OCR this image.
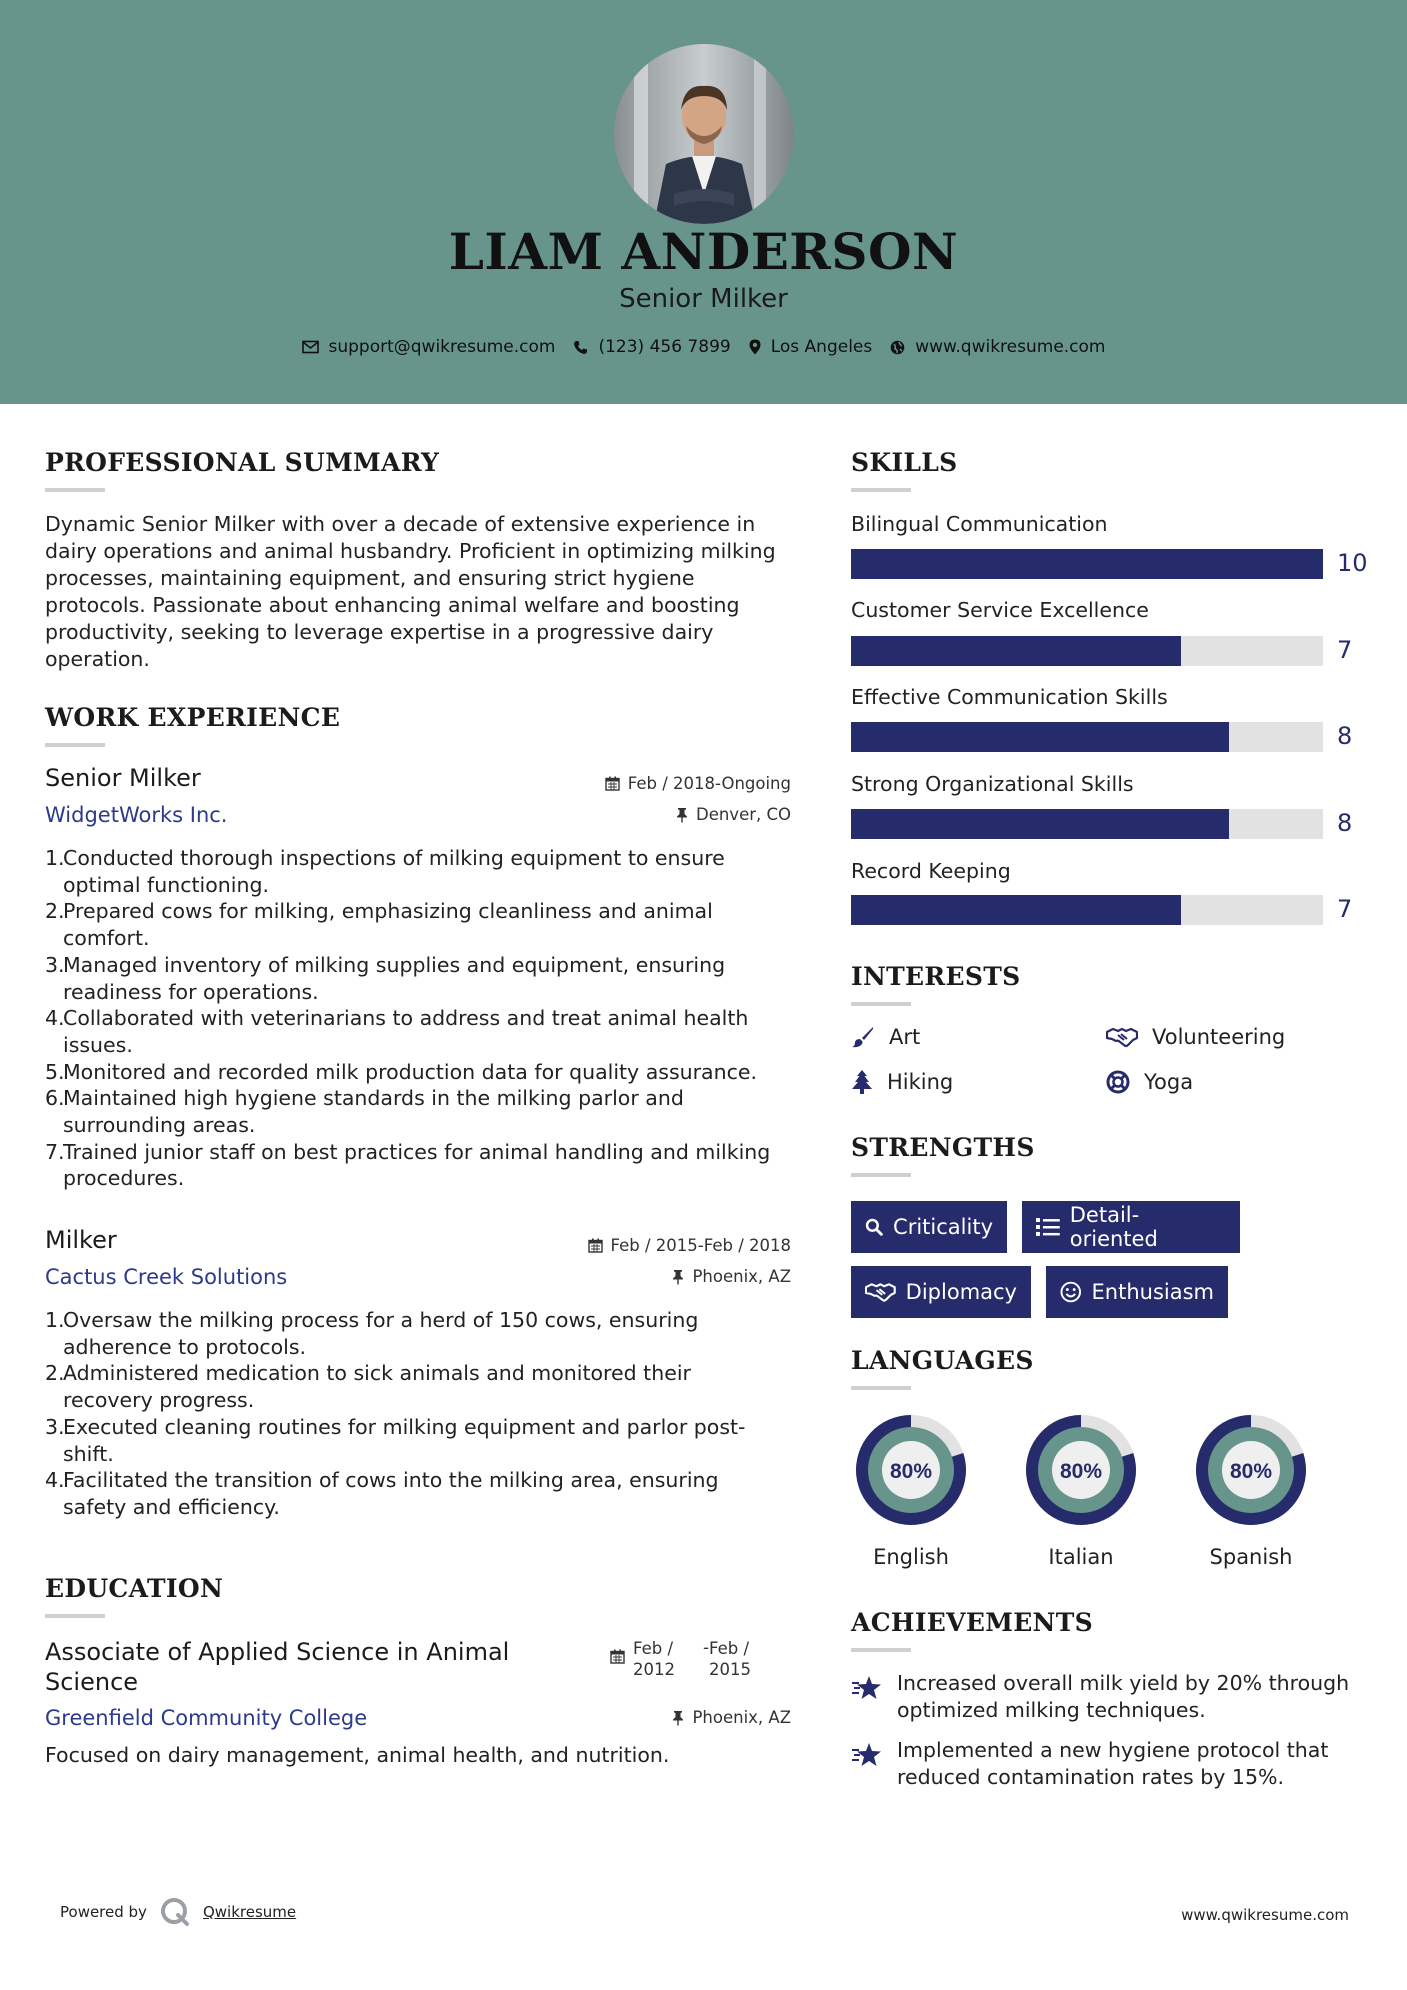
LIAM ANDERSON
Senior Milker
support@qwikresume.com	(123) 456 7899 Los Angeles	www.qwikresume.com
PROFESSIONAL SUMMARY
Dynamic Senior Milker with over a decade of extensive experience in dairy operations and animal husbandry. Proficient in optimizing milking processes, maintaining equipment, and ensuring strict hygiene protocols. Passionate about enhancing animal welfare and boosting productivity, seeking to leverage expertise in a progressive dairy operation.
WORK EXPERIENCE
Senior Milker	Feb / 2018-Ongoing
WidgetWorks Inc.	Denver, CO
Conducted thorough inspections of milking equipment to ensure optimal functioning.
Prepared cows for milking, emphasizing cleanliness and animal comfort.
Managed inventory of milking supplies and equipment, ensuring readiness for operations.
Collaborated with veterinarians to address and treat animal health issues.
Monitored and recorded milk production data for quality assurance.
Maintained high hygiene standards in the milking parlor and surrounding areas.
Trained junior staff on best practices for animal handling and milking procedures.
Milker	Feb / 2015-Feb / 2018
Cactus Creek Solutions	Phoenix, AZ
Oversaw the milking process for a herd of 150 cows, ensuring adherence to protocols.
Administered medication to sick animals and monitored their recovery progress.
Executed cleaning routines for milking equipment and parlor post-shift.
Facilitated the transition of cows into the milking area, ensuring safety and efficiency.
EDUCATION
Associate of Applied Science in Animal Science
Feb / 2012
- Feb / 2015
Greenfield Community College	Phoenix, AZ
Focused on dairy management, animal health, and nutrition.
SKILLS
Bilingual Communication
10
Customer Service Excellence
7
Effective Communication Skills
8
Strong Organizational Skills
8
Record Keeping
7
INTERESTS
Art	Volunteering
Hiking	Yoga
STRENGTHS
Criticality	Detail-oriented
Diplomacy	Enthusiasm
LANGUAGES
80%
English
80%
Italian
80%
Spanish
ACHIEVEMENTS
Increased overall milk yield by 20% through optimized milking techniques.
Implemented a new hygiene protocol that reduced contamination rates by 15%.
Powered by	Qwikresume	www.qwikresume.com
